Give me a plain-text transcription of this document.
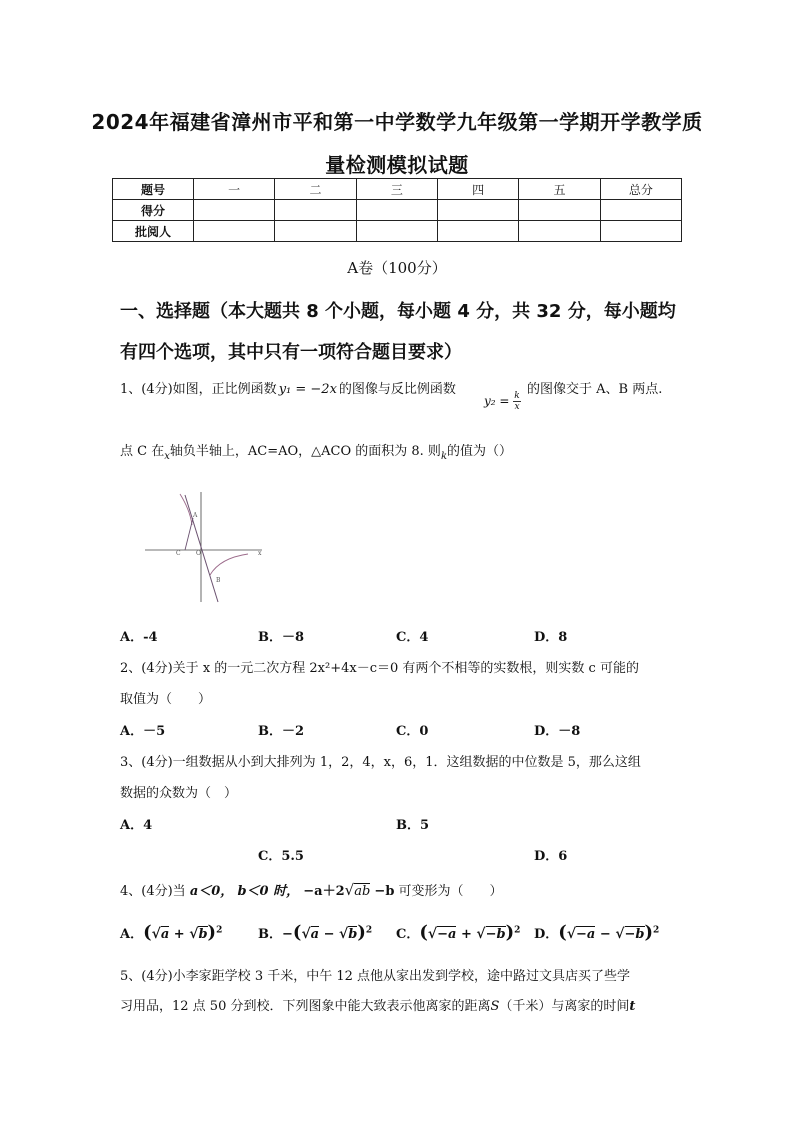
2024年福建省漳州市平和第一中学数学九年级第一学期开学教学质
量检测模拟试题
题号	一	二	三	四	五	总分
得分						
批阅人						
A卷（100分）
一、选择题（本大题共 8 个小题，每小题 4 分，共 32 分，每小题均
有四个选项，其中只有一项符合题目要求）
1、(4分)如图，正比例函数 y₁ = −2x 的图像与反比例函数
$y_2 = \frac{k}{x}$
的图像交于 A、B 两点.
点 C 在$_x$轴负半轴上，AC=AO，△ACO 的面积为 8. 则$_k$的值为（）
A
B
C	O	x
A．-4	B．－8	C．4	D．8
2、(4分)关于 x 的一元二次方程 2x²+4x－c＝0 有两个不相等的实数根，则实数 c 可能的
取值为（　　）
A．－5	B．－2	C．0	D．－8
3、(4分)一组数据从小到大排列为 1，2，4，x，6，1．这组数据的中位数是 5，那么这组
数据的众数为（　）
A．4	B．5
C．5.5	D．6
4、(4分)当 a＜0， b＜0 时， −a＋2√ab −b 可变形为（　　）
A．$(√a + √b)^2$	B．$-(√a - √b)^2$ C．$(√-a + √-b)^2$ D．$(√-a - √-b)^2$
5、(4分)小李家距学校 3 千米，中午 12 点他从家出发到学校，途中路过文具店买了些学
习用品，12 点 50 分到校．下列图象中能大致表示他离家的距离S（千米）与离家的时间t
